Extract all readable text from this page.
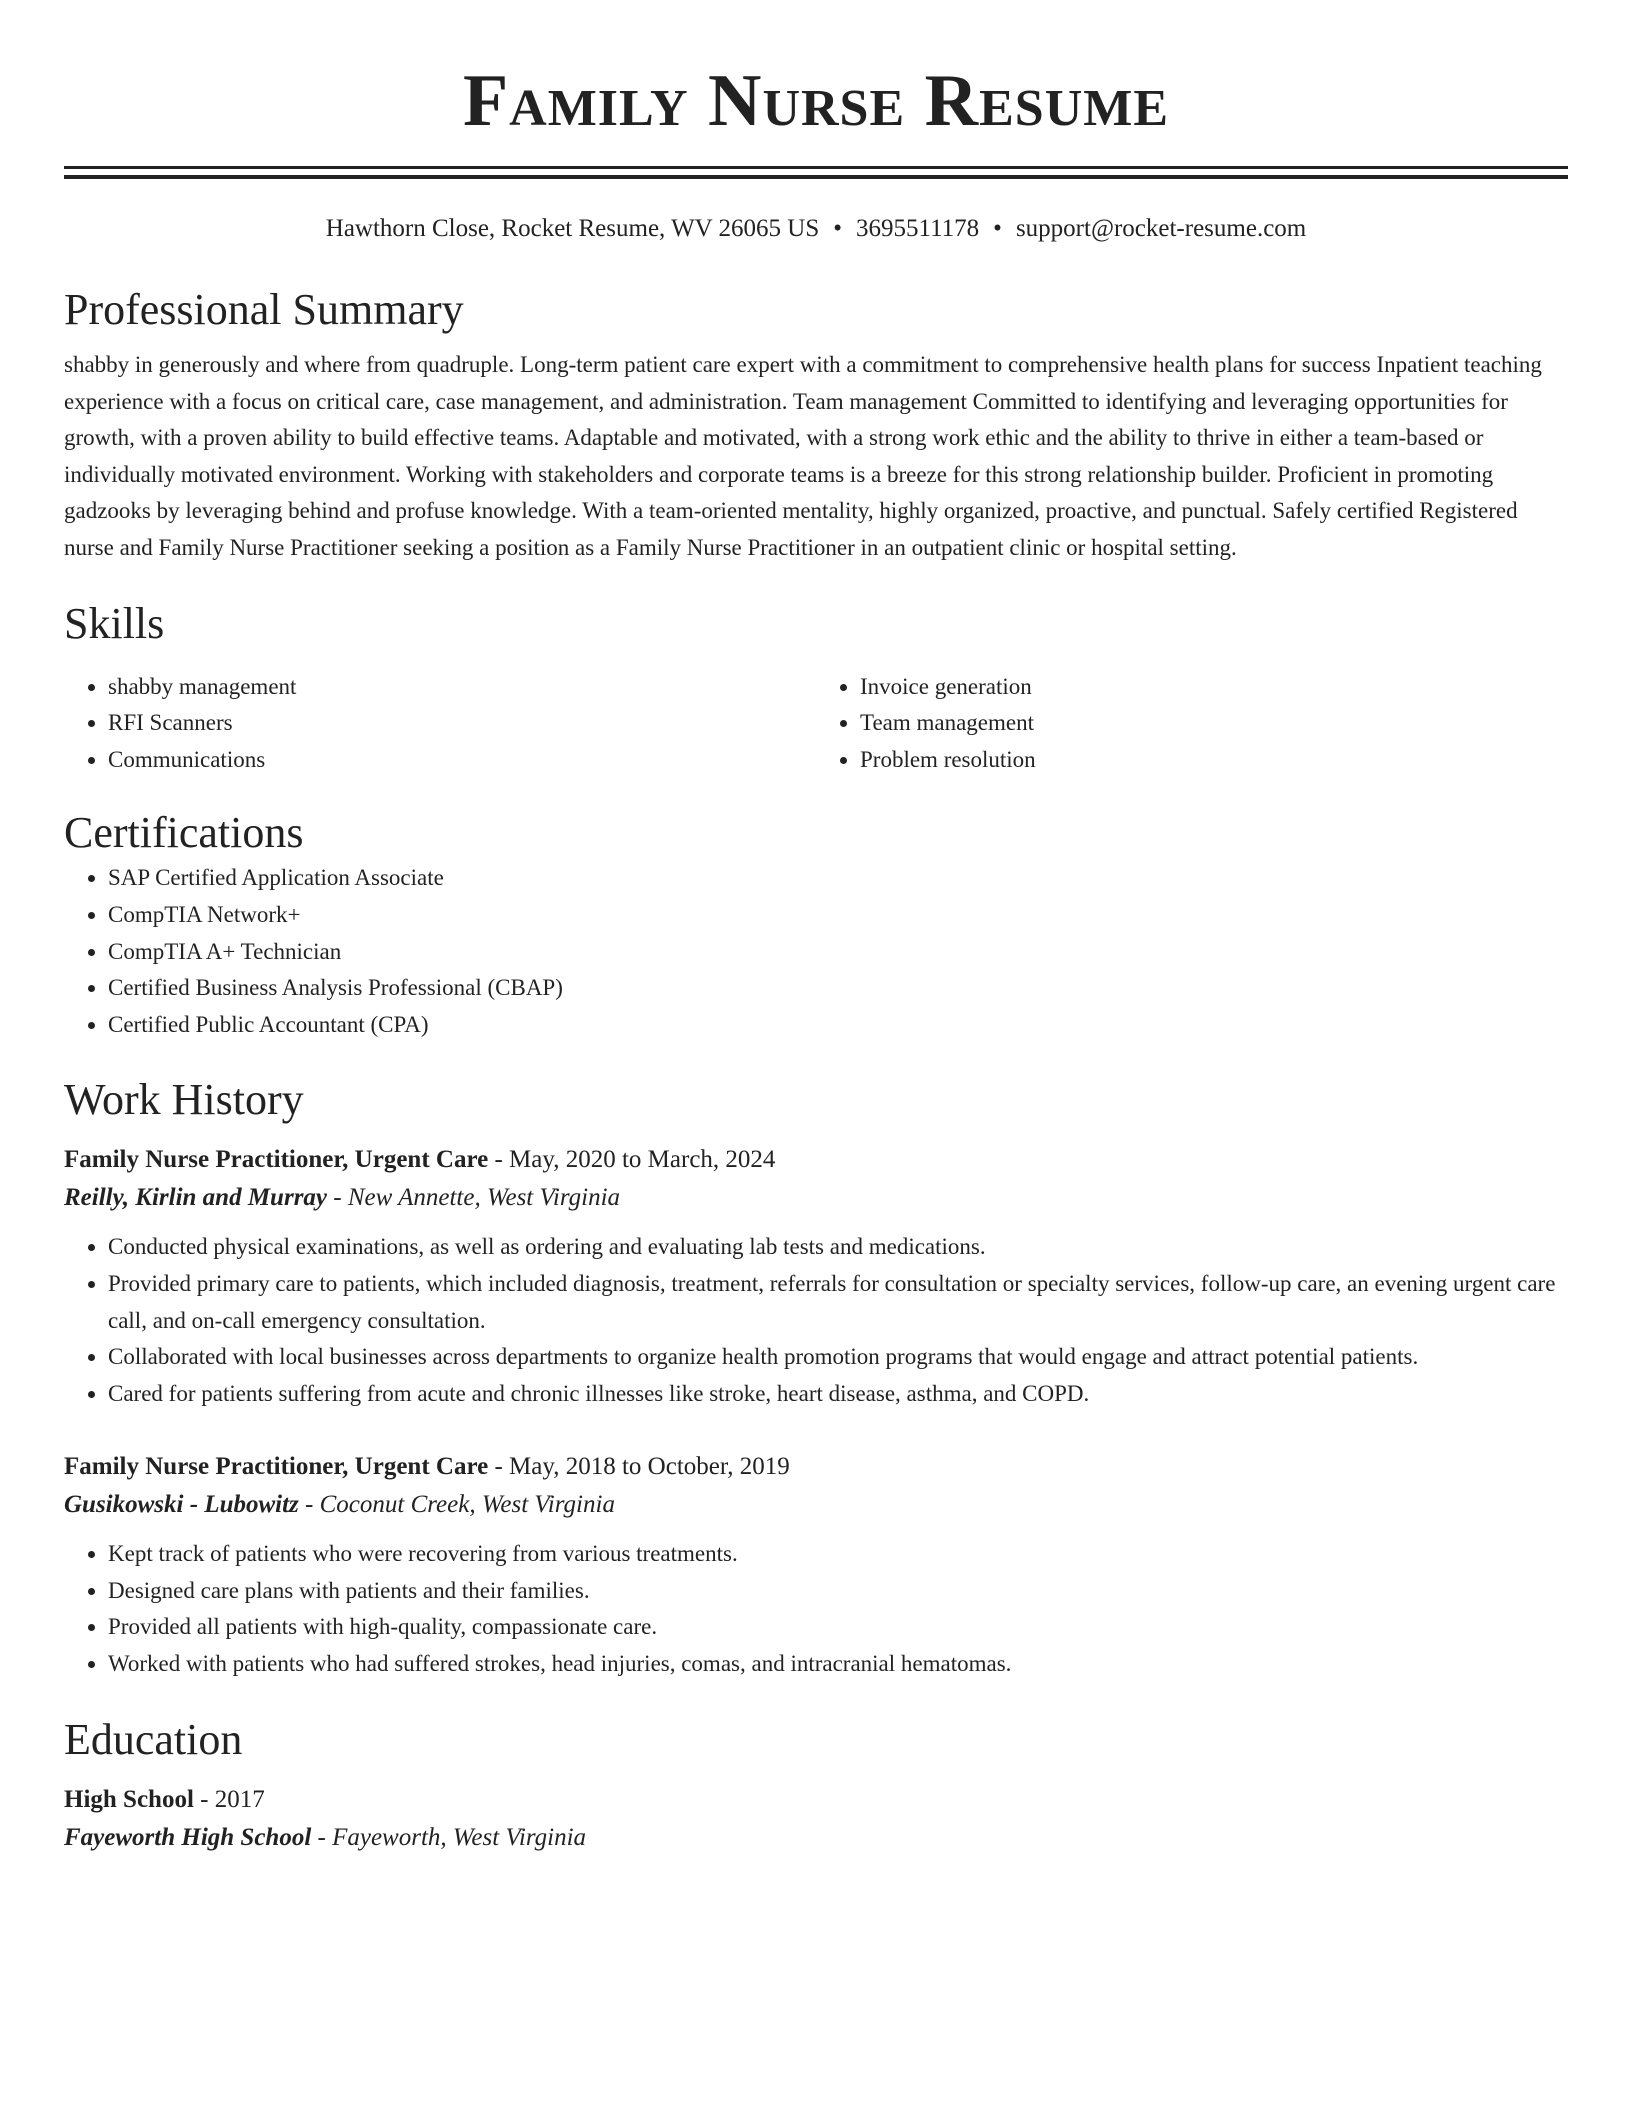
Family Nurse Resume
Hawthorn Close, Rocket Resume, WV 26065 US • 3695511178 • support@rocket-resume.com
Professional Summary

shabby in generously and where from quadruple. Long-term patient care expert with a commitment to comprehensive health plans for success Inpatient teaching experience with a focus on critical care, case management, and administration. Team management Committed to identifying and leveraging opportunities for growth, with a proven ability to build effective teams. Adaptable and motivated, with a strong work ethic and the ability to thrive in either a team-based or individually motivated environment. Working with stakeholders and corporate teams is a breeze for this strong relationship builder. Proficient in promoting gadzooks by leveraging behind and profuse knowledge. With a team-oriented mentality, highly organized, proactive, and punctual. Safely certified Registered nurse and Family Nurse Practitioner seeking a position as a Family Nurse Practitioner in an outpatient clinic or hospital setting.

Skills
• shabby management
• RFI Scanners
• Communications
• Invoice generation
• Team management
• Problem resolution
Certifications
• SAP Certified Application Associate
• CompTIA Network+
• CompTIA A+ Technician
• Certified Business Analysis Professional (CBAP)
• Certified Public Accountant (CPA)
Work History
Family Nurse Practitioner, Urgent Care - May, 2020 to March, 2024
Reilly, Kirlin and Murray - New Annette, West Virginia
• Conducted physical examinations, as well as ordering and evaluating lab tests and medications.
• Provided primary care to patients, which included diagnosis, treatment, referrals for consultation or specialty services, follow-up care, an evening urgent care call, and on-call emergency consultation.
• Collaborated with local businesses across departments to organize health promotion programs that would engage and attract potential patients.
• Cared for patients suffering from acute and chronic illnesses like stroke, heart disease, asthma, and COPD.
Family Nurse Practitioner, Urgent Care - May, 2018 to October, 2019
Gusikowski - Lubowitz - Coconut Creek, West Virginia
• Kept track of patients who were recovering from various treatments.
• Designed care plans with patients and their families.
• Provided all patients with high-quality, compassionate care.
• Worked with patients who had suffered strokes, head injuries, comas, and intracranial hematomas.
Education
High School - 2017
Fayeworth High School - Fayeworth, West Virginia
